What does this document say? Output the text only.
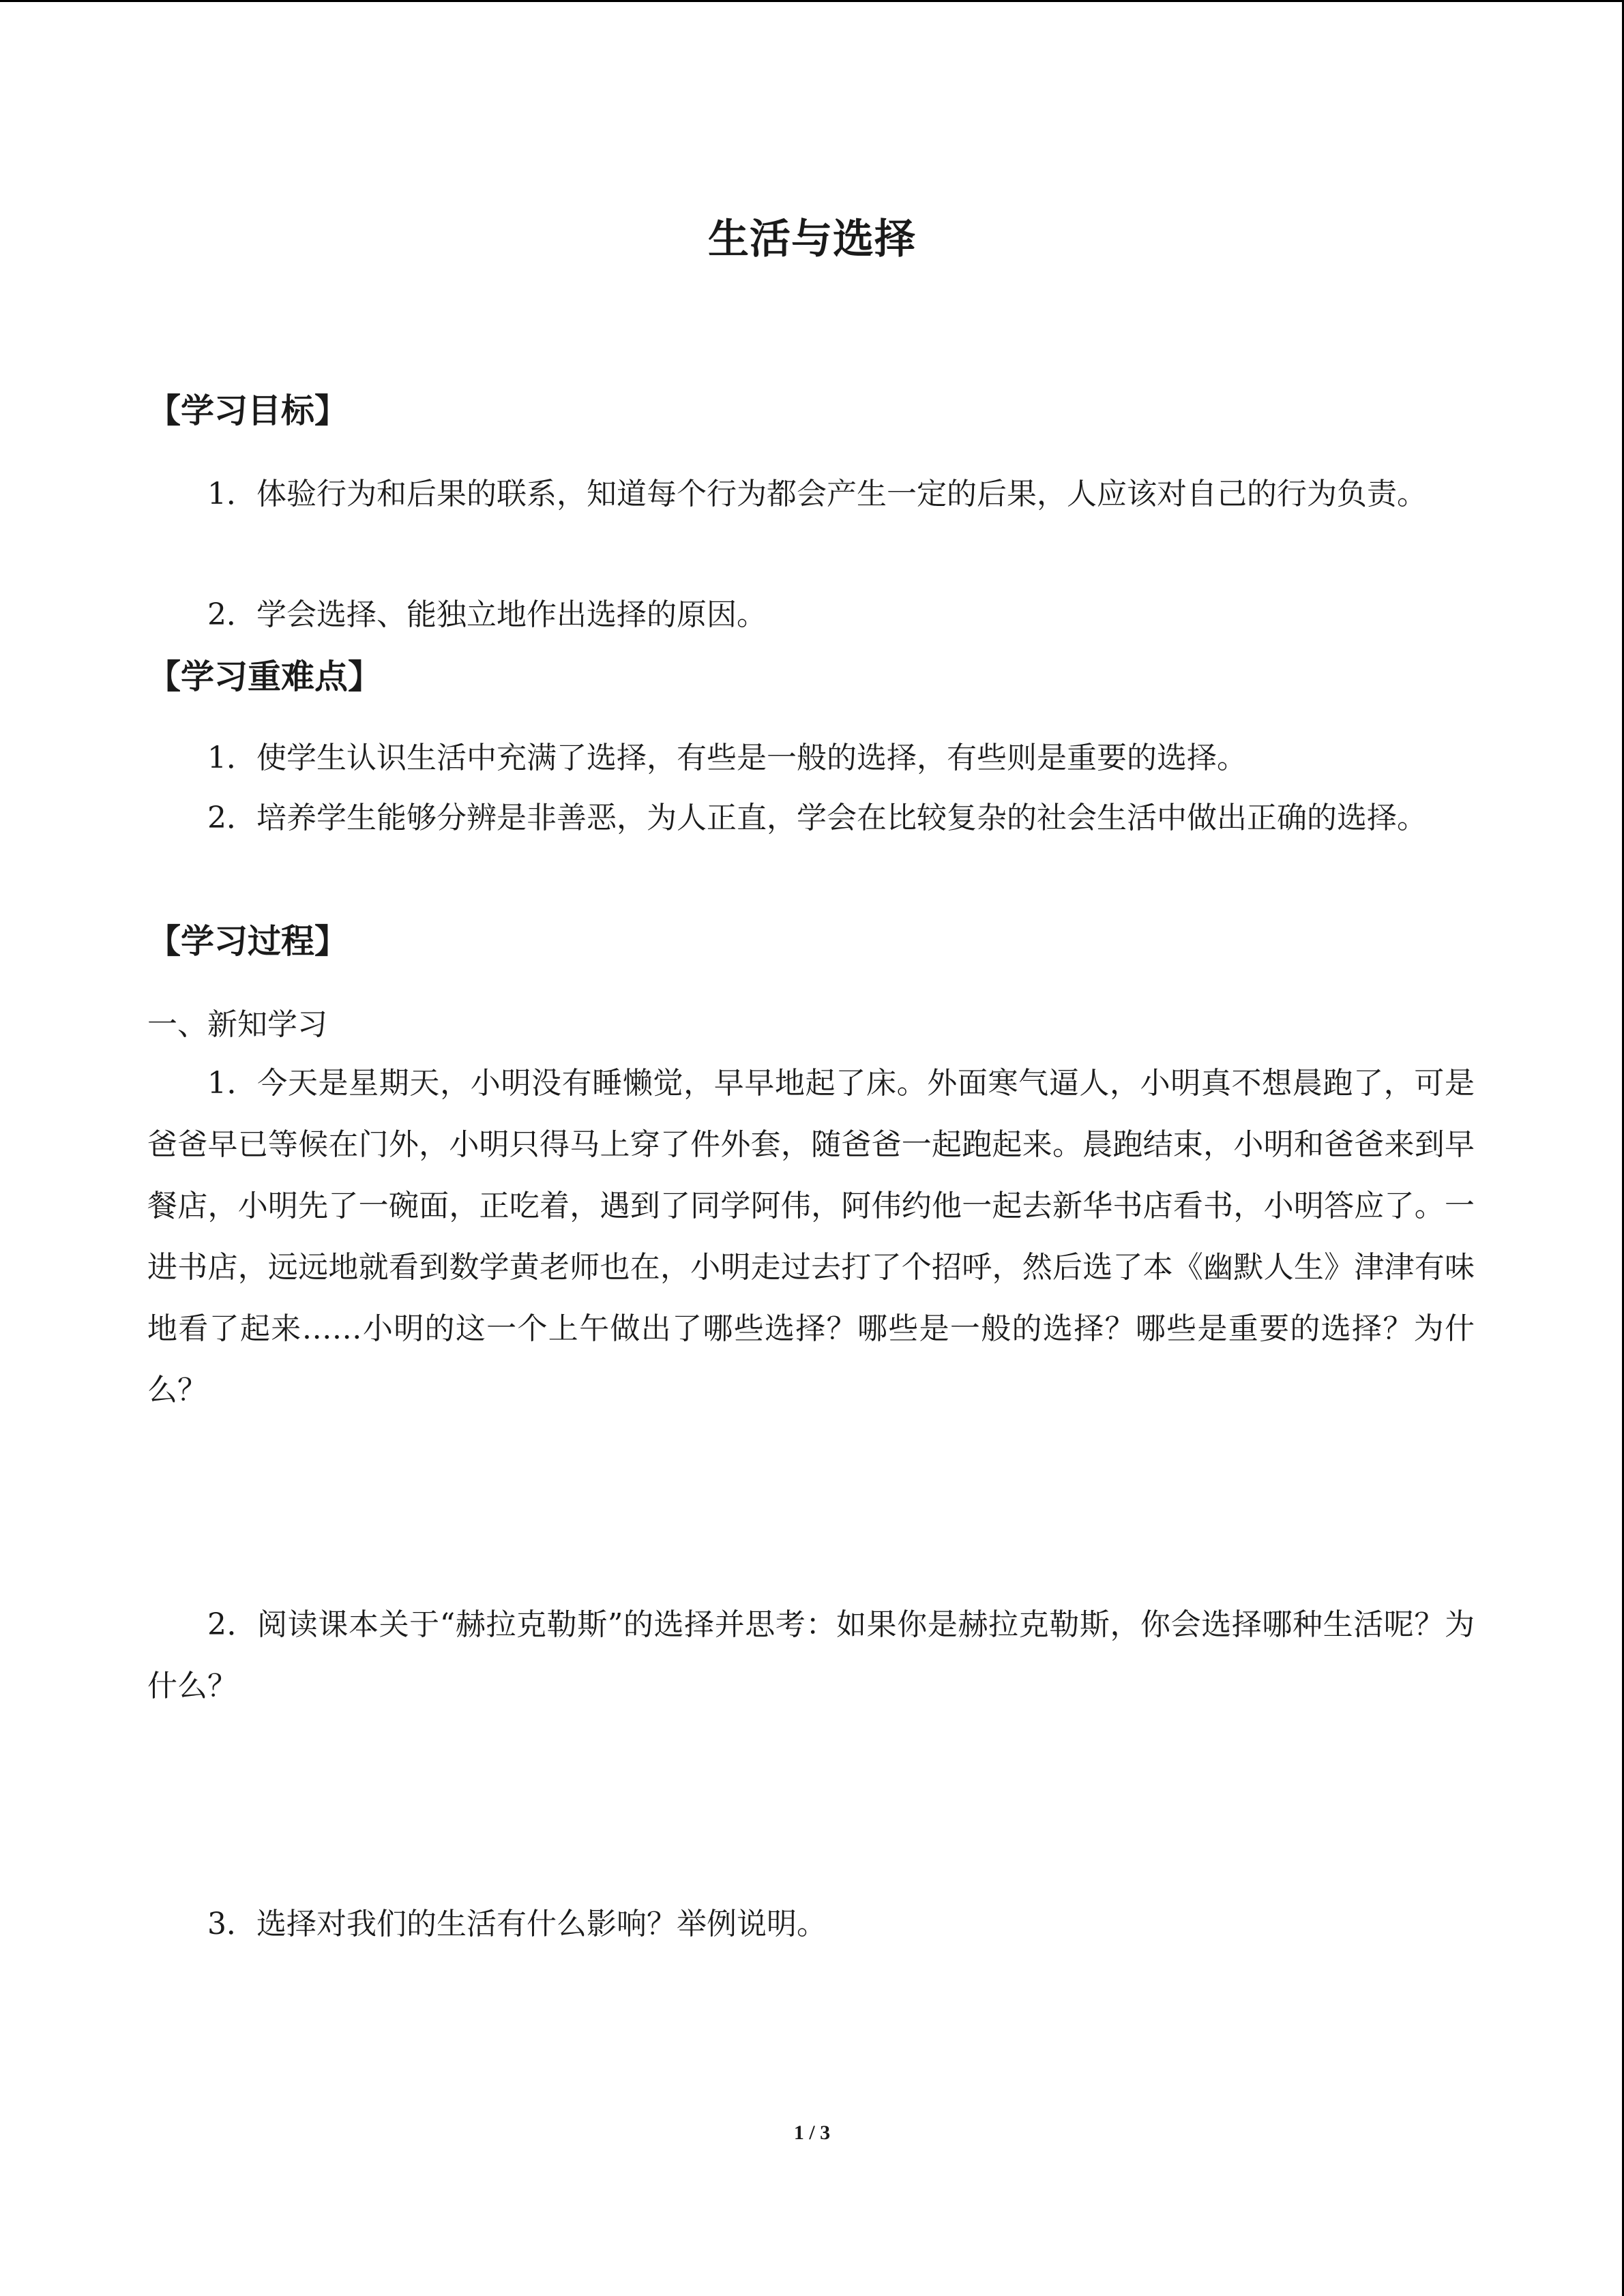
生活与选择
【学习目标】

1．体验行为和后果的联系，知道每个行为都会产生一定的后果，人应该对自己的行为负责。

2．学会选择、能独立地作出选择的原因。

【学习重难点】

1．使学生认识生活中充满了选择，有些是一般的选择，有些则是重要的选择。

2．培养学生能够分辨是非善恶，为人正直，学会在比较复杂的社会生活中做出正确的选择。

【学习过程】

一、新知学习

1．今天是星期天，小明没有睡懒觉，早早地起了床。外面寒气逼人，小明真不想晨跑了，可是爸爸早已等候在门外，小明只得马上穿了件外套，随爸爸一起跑起来。晨跑结束，小明和爸爸来到早餐店，小明先了一碗面，正吃着，遇到了同学阿伟，阿伟约他一起去新华书店看书，小明答应了。一进书店，远远地就看到数学黄老师也在，小明走过去打了个招呼，然后选了本《幽默人生》津津有味地看了起来……小明的这一个上午做出了哪些选择？哪些是一般的选择？哪些是重要的选择？为什么？

2．阅读课本关于“赫拉克勒斯”的选择并思考：如果你是赫拉克勒斯，你会选择哪种生活呢？为什么？

3．选择对我们的生活有什么影响？举例说明。

1 / 3
